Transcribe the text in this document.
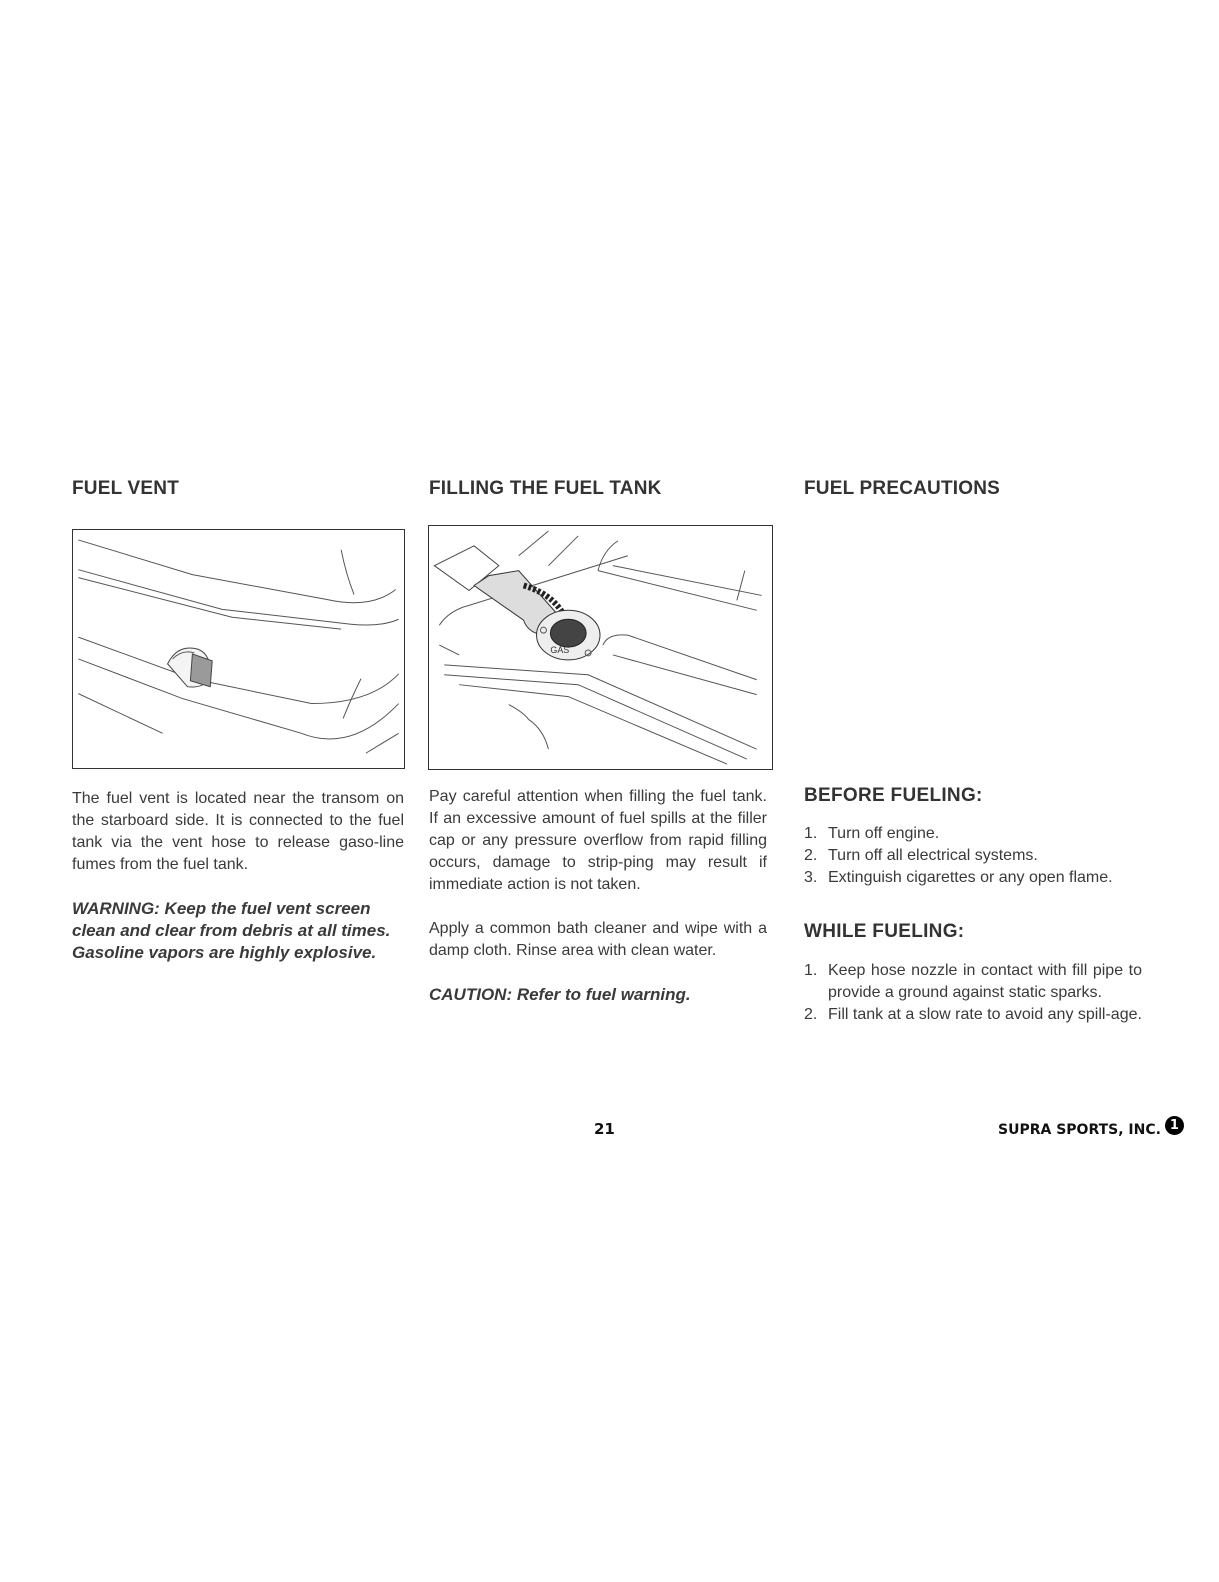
FUEL VENT

The fuel vent is located near the transom on the starboard side. It is connected to the fuel tank via the vent hose to release gaso-line fumes from the fuel tank.

WARNING: Keep the fuel vent screen clean and clear from debris at all times. Gasoline vapors are highly explosive.

FILLING THE FUEL TANK
GAS

Pay careful attention when filling the fuel tank. If an excessive amount of fuel spills at the filler cap or any pressure overflow from rapid filling occurs, damage to strip-ping may result if immediate action is not taken.

Apply a common bath cleaner and wipe with a damp cloth. Rinse area with clean water.

CAUTION: Refer to fuel warning.

FUEL PRECAUTIONS
BEFORE FUELING:
1. Turn off engine.
2. Turn off all electrical systems.
3. Extinguish cigarettes or any open flame.
WHILE FUELING:
1. Keep hose nozzle in contact with fill pipe to provide a ground against static sparks.
2. Fill tank at a slow rate to avoid any spill-age.
21	SUPRA SPORTS, INC. 1
